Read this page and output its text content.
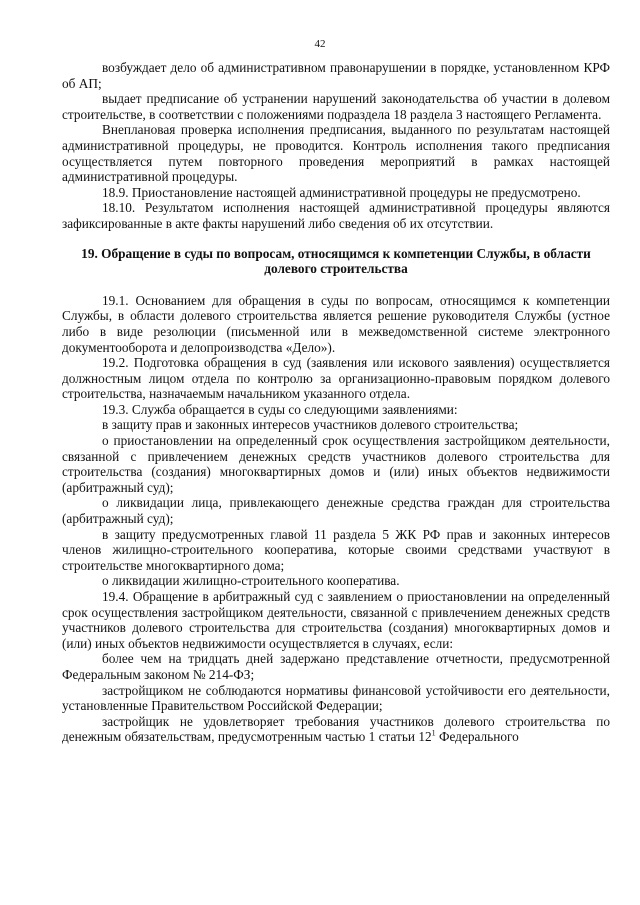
42

возбуждает дело об административном правонарушении в порядке, установленном КРФ об АП;

выдает предписание об устранении нарушений законодательства об участии в долевом строительстве, в соответствии с положениями подраздела 18 раздела 3 настоящего Регламента.

Внеплановая проверка исполнения предписания, выданного по результатам настоящей административной процедуры, не проводится. Контроль исполнения такого предписания осуществляется путем повторного проведения мероприятий в рамках настоящей административной процедуры.

18.9. Приостановление настоящей административной процедуры не предусмотрено.

18.10. Результатом исполнения настоящей административной процедуры являются зафиксированные в акте факты нарушений либо сведения об их отсутствии.

19. Обращение в суды по вопросам, относящимся к компетенции Службы, в области долевого строительства

19.1. Основанием для обращения в суды по вопросам, относящимся к компетенции Службы, в области долевого строительства является решение руководителя Службы (устное либо в виде резолюции (письменной или в межведомственной системе электронного документооборота и делопроизводства «Дело»).

19.2. Подготовка обращения в суд (заявления или искового заявления) осуществляется должностным лицом отдела по контролю за организационно-правовым порядком долевого строительства, назначаемым начальником указанного отдела.

19.3. Служба обращается в суды со следующими заявлениями:

в защиту прав и законных интересов участников долевого строительства;

о приостановлении на определенный срок осуществления застройщиком деятельности, связанной с привлечением денежных средств участников долевого строительства для строительства (создания) многоквартирных домов и (или) иных объектов недвижимости (арбитражный суд);

о ликвидации лица, привлекающего денежные средства граждан для строительства (арбитражный суд);

в защиту предусмотренных главой 11 раздела 5 ЖК РФ прав и законных интересов членов жилищно-строительного кооператива, которые своими средствами участвуют в строительстве многоквартирного дома;

о ликвидации жилищно-строительного кооператива.

19.4. Обращение в арбитражный суд с заявлением о приостановлении на определенный срок осуществления застройщиком деятельности, связанной с привлечением денежных средств участников долевого строительства для строительства (создания) многоквартирных домов и (или) иных объектов недвижимости осуществляется в случаях, если:

более чем на тридцать дней задержано представление отчетности, предусмотренной Федеральным законом № 214-ФЗ;

застройщиком не соблюдаются нормативы финансовой устойчивости его деятельности, установленные Правительством Российской Федерации;

застройщик не удовлетворяет требования участников долевого строительства по денежным обязательствам, предусмотренным частью 1 статьи $12^1$ Федерального
